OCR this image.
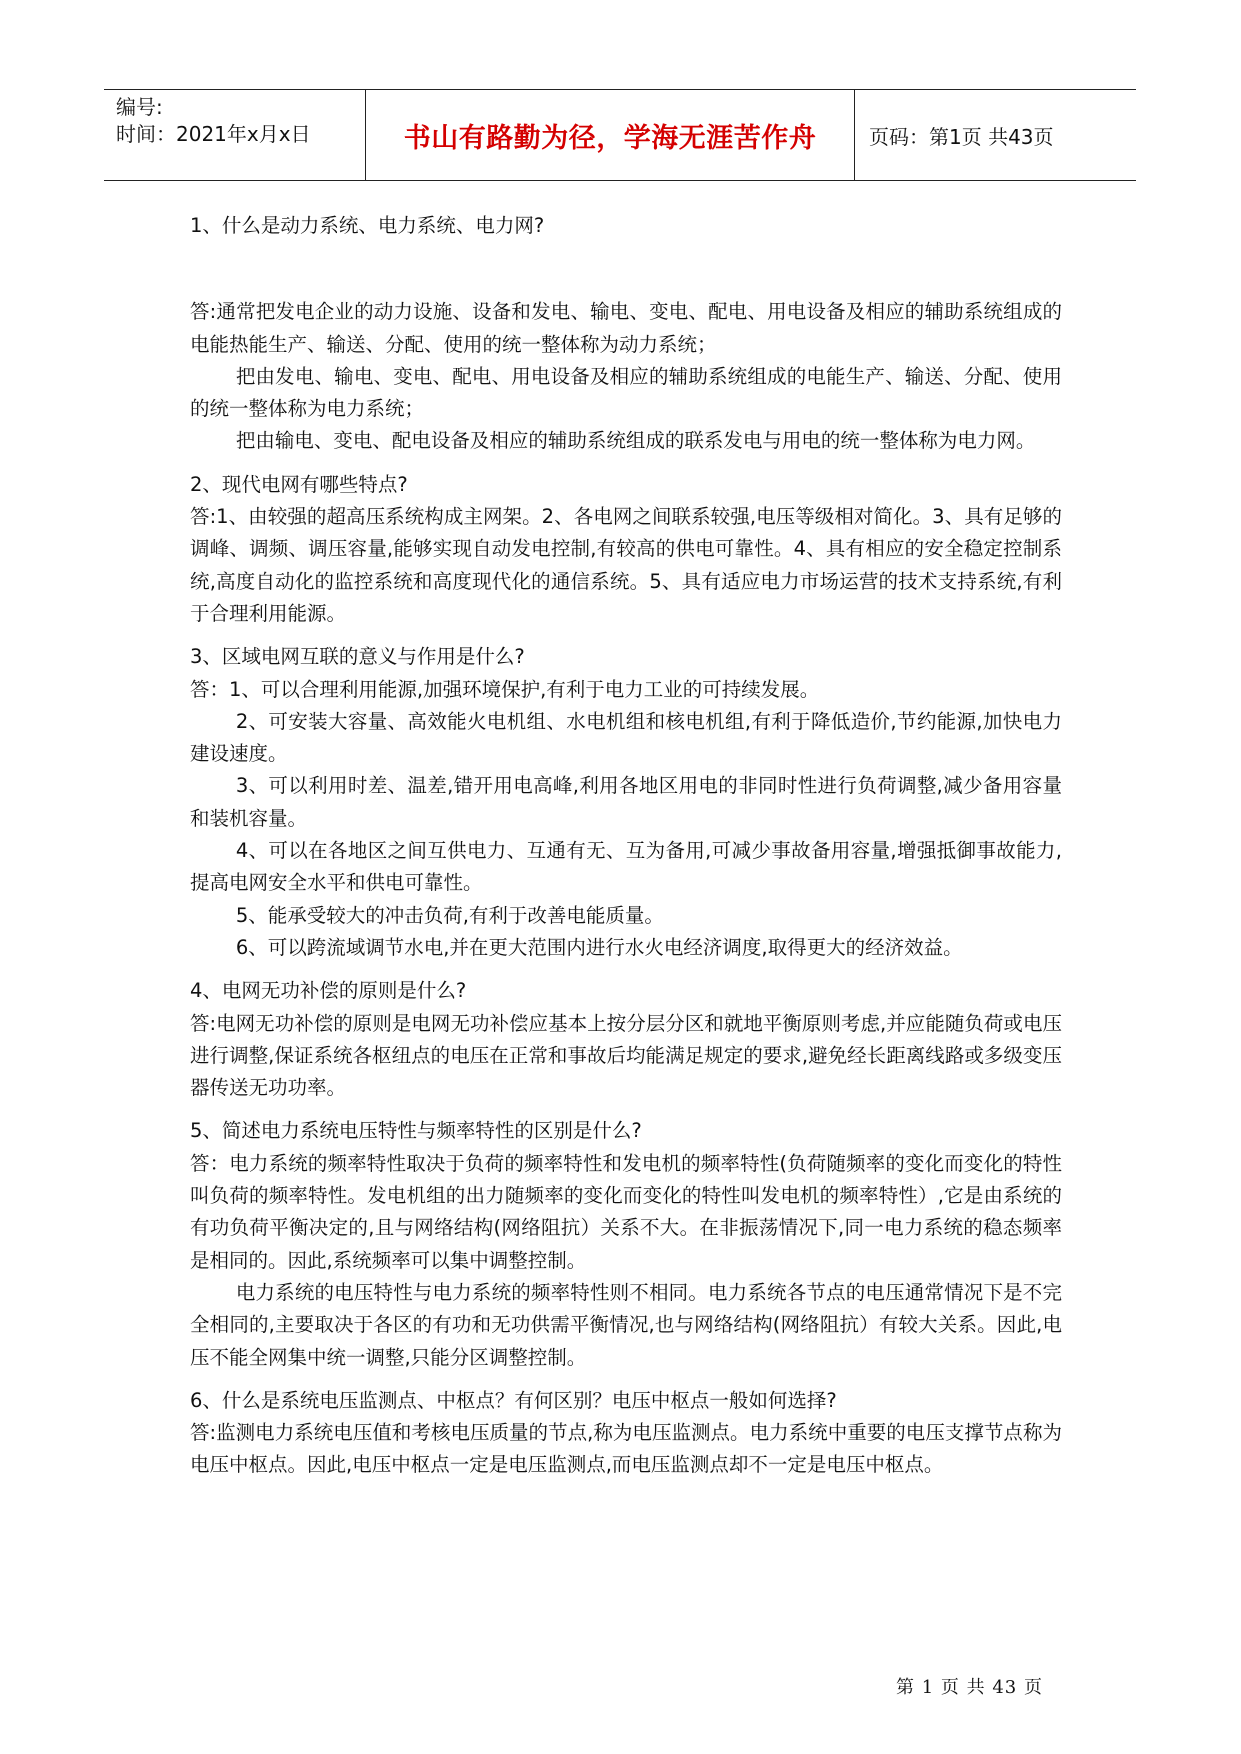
编号:
时间：2021年x月x日	书山有路勤为径，学海无涯苦作舟	页码：第1页 共43页

1、什么是动力系统、电力系统、电力网?

答:通常把发电企业的动力设施、设备和发电、输电、变电、配电、用电设备及相应的辅助系统组成的电能热能生产、输送、分配、使用的统一整体称为动力系统；

把由发电、输电、变电、配电、用电设备及相应的辅助系统组成的电能生产、输送、分配、使用的统一整体称为电力系统；

把由输电、变电、配电设备及相应的辅助系统组成的联系发电与用电的统一整体称为电力网。

2、现代电网有哪些特点?

答:1、由较强的超高压系统构成主网架。2、各电网之间联系较强,电压等级相对简化。3、具有足够的调峰、调频、调压容量,能够实现自动发电控制,有较高的供电可靠性。4、具有相应的安全稳定控制系统,高度自动化的监控系统和高度现代化的通信系统。5、具有适应电力市场运营的技术支持系统,有利于合理利用能源。

3、区域电网互联的意义与作用是什么?

答：1、可以合理利用能源,加强环境保护,有利于电力工业的可持续发展。

2、可安装大容量、高效能火电机组、水电机组和核电机组,有利于降低造价,节约能源,加快电力建设速度。

3、可以利用时差、温差,错开用电高峰,利用各地区用电的非同时性进行负荷调整,减少备用容量和装机容量。

4、可以在各地区之间互供电力、互通有无、互为备用,可减少事故备用容量,增强抵御事故能力,提高电网安全水平和供电可靠性。

5、能承受较大的冲击负荷,有利于改善电能质量。

6、可以跨流域调节水电,并在更大范围内进行水火电经济调度,取得更大的经济效益。

4、电网无功补偿的原则是什么?

答:电网无功补偿的原则是电网无功补偿应基本上按分层分区和就地平衡原则考虑,并应能随负荷或电压进行调整,保证系统各枢纽点的电压在正常和事故后均能满足规定的要求,避免经长距离线路或多级变压器传送无功功率。

5、简述电力系统电压特性与频率特性的区别是什么?

答：电力系统的频率特性取决于负荷的频率特性和发电机的频率特性(负荷随频率的变化而变化的特性叫负荷的频率特性。发电机组的出力随频率的变化而变化的特性叫发电机的频率特性）,它是由系统的有功负荷平衡决定的,且与网络结构(网络阻抗）关系不大。在非振荡情况下,同一电力系统的稳态频率是相同的。因此,系统频率可以集中调整控制。

电力系统的电压特性与电力系统的频率特性则不相同。电力系统各节点的电压通常情况下是不完全相同的,主要取决于各区的有功和无功供需平衡情况,也与网络结构(网络阻抗）有较大关系。因此,电压不能全网集中统一调整,只能分区调整控制。

6、什么是系统电压监测点、中枢点？有何区别？电压中枢点一般如何选择?

答:监测电力系统电压值和考核电压质量的节点,称为电压监测点。电力系统中重要的电压支撑节点称为电压中枢点。因此,电压中枢点一定是电压监测点,而电压监测点却不一定是电压中枢点。

第 1 页 共 43 页
